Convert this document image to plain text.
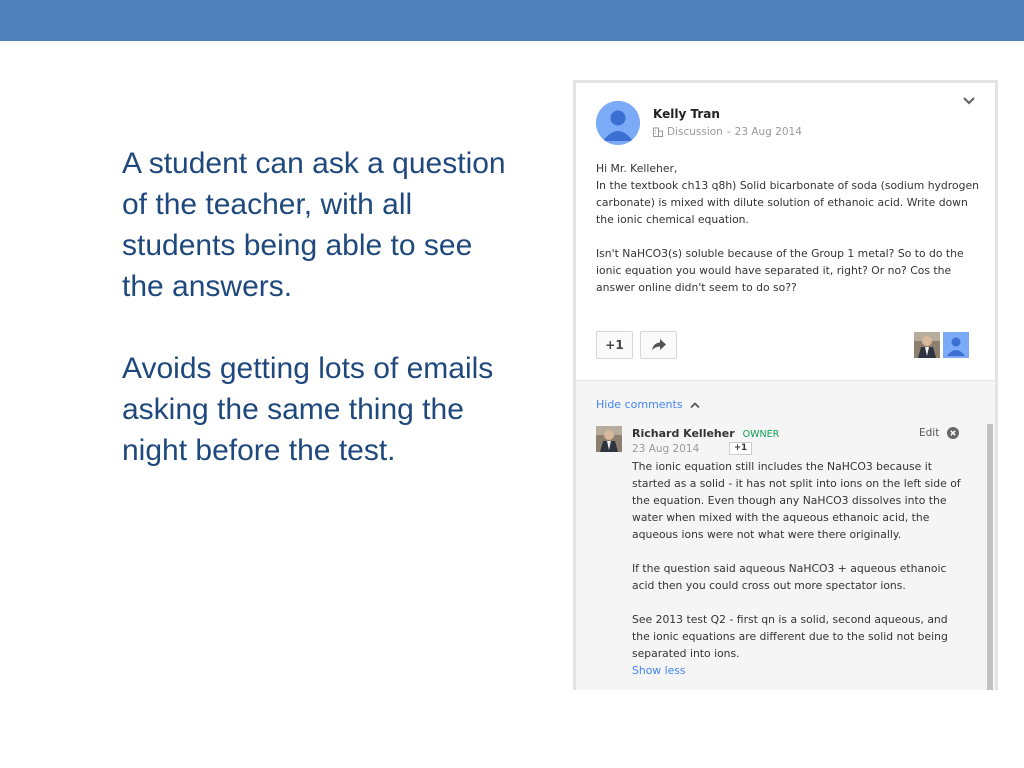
A student can ask a question of the teacher, with all students being able to see the answers.

Avoids getting lots of emails asking the same thing the night before the test.

Kelly Tran
Discussion - 23 Aug 2014
Hi Mr. Kelleher,
In the textbook ch13 q8h) Solid bicarbonate of soda (sodium hydrogen carbonate) is mixed with dilute solution of ethanoic acid. Write down the ionic chemical equation.
Isn't NaHCO3(s) soluble because of the Group 1 metal? So to do the ionic equation you would have separated it, right? Or no? Cos the answer online didn't seem to do so??
+1
Hide comments
Richard Kelleher OWNER	Edit
23 Aug 2014	+1
The ionic equation still includes the NaHCO3 because it started as a solid - it has not split into ions on the left side of the equation. Even though any NaHCO3 dissolves into the water when mixed with the aqueous ethanoic acid, the aqueous ions were not what were there originally.
If the question said aqueous NaHCO3 + aqueous ethanoic acid then you could cross out more spectator ions.
See 2013 test Q2 - first qn is a solid, second aqueous, and the ionic equations are different due to the solid not being separated into ions.
Show less
